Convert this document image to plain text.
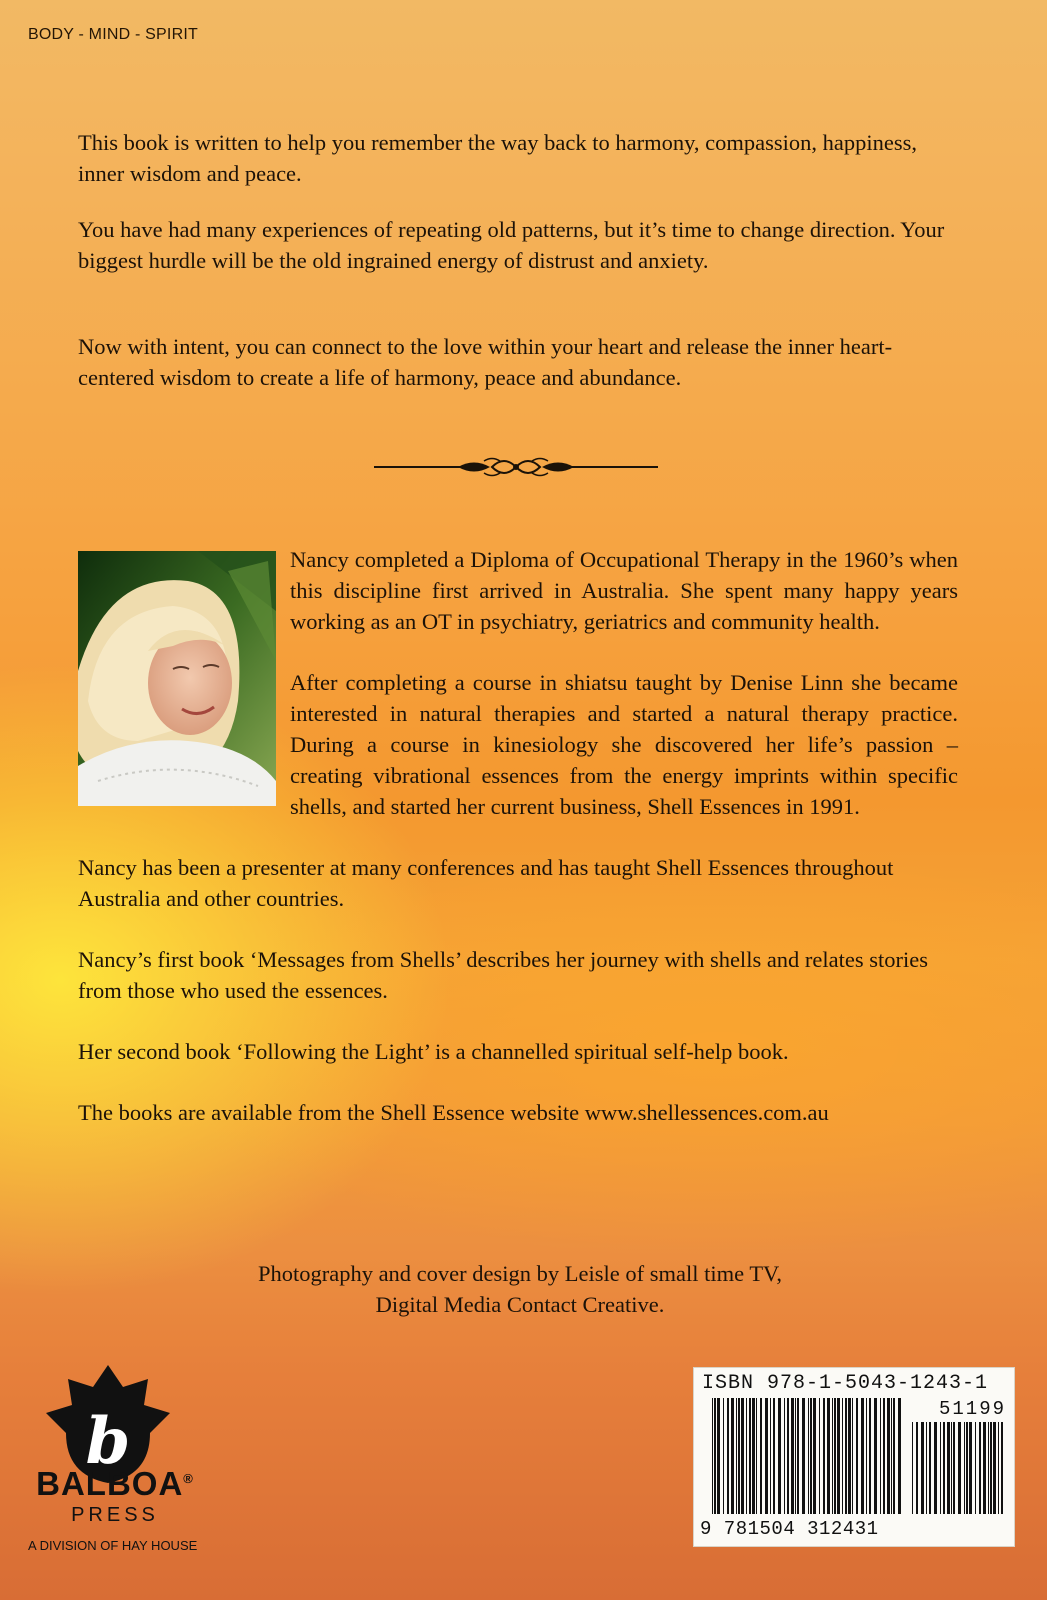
BODY - MIND - SPIRIT

This book is written to help you remember the way back to harmony, compassion, happiness, inner wisdom and peace.

You have had many experiences of repeating old patterns, but it’s time to change direction. Your biggest hurdle will be the old ingrained energy of distrust and anxiety.

Now with intent, you can connect to the love within your heart and release the inner heart-centered wisdom to create a life of harmony, peace and abundance.

Nancy completed a Diploma of Occupational Therapy in the 1960’s when this discipline first arrived in Australia. She spent many happy years working as an OT in psychiatry, geriatrics and community health.

After completing a course in shiatsu taught by Denise Linn she became interested in natural therapies and started a natural therapy practice. During a course in kinesiology she discovered her life’s passion – creating vibrational essences from the energy imprints within specific shells, and started her current business, Shell Essences in 1991.

Nancy has been a presenter at many conferences and has taught Shell Essences throughout Australia and other countries.

Nancy’s first book ‘Messages from Shells’ describes her journey with shells and relates stories from those who used the essences.

Her second book ‘Following the Light’ is a channelled spiritual self-help book.

The books are available from the Shell Essence website www.shellessences.com.au

Photography and cover design by Leisle of small time TV,
Digital Media Contact Creative.
b
BALBOA®
PRESS
A DIVISION OF HAY HOUSE
ISBN 978-1-5043-1243-1
51199
9 781504 312431
